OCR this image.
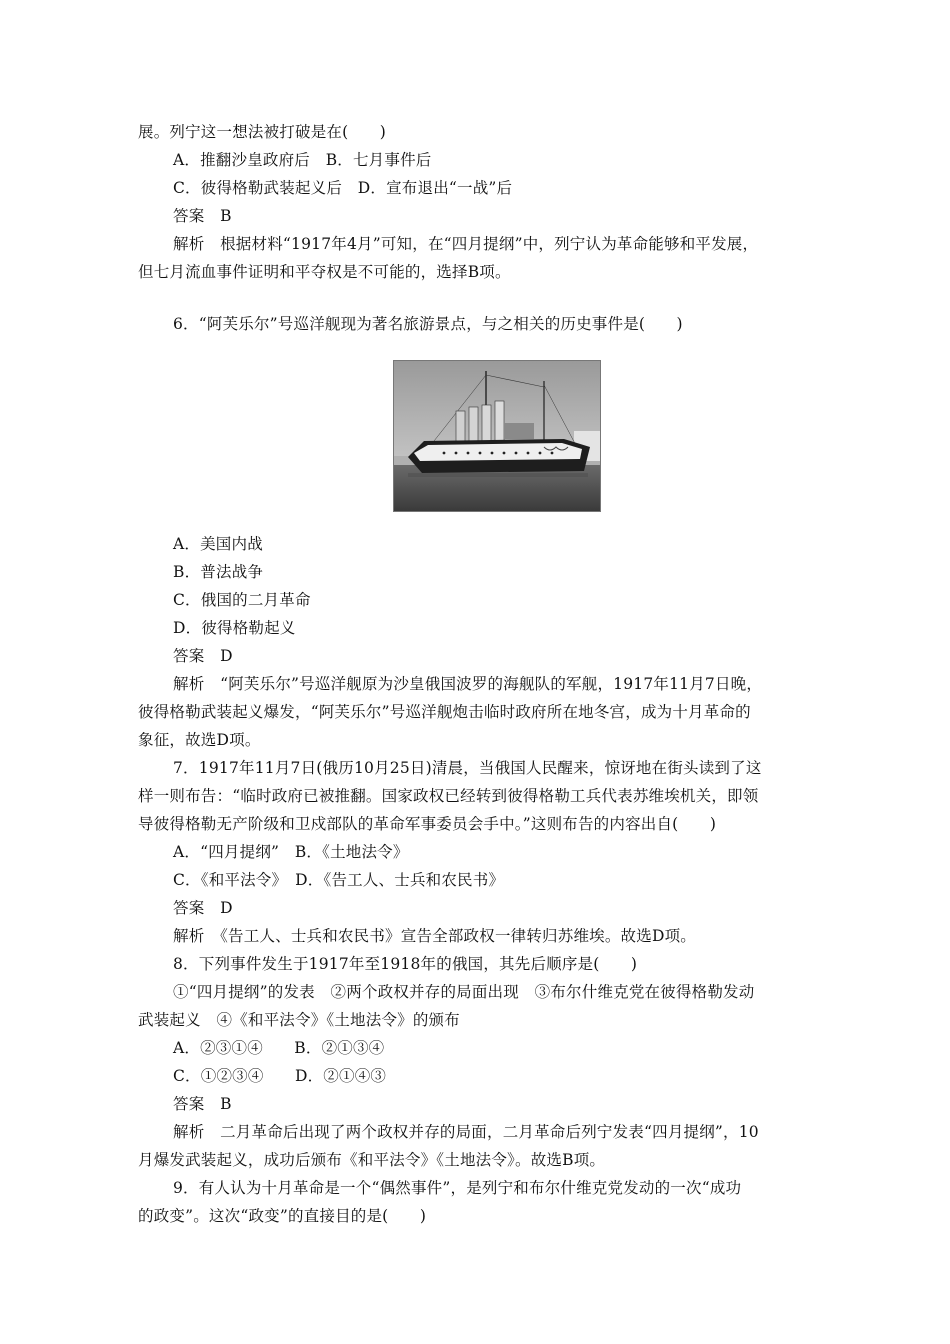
展。列宁这一想法被打破是在(　　)
A．推翻沙皇政府后　B．七月事件后
C．彼得格勒武装起义后　D．宣布退出“一战”后
答案　B
解析　根据材料“1917年4月”可知，在“四月提纲”中，列宁认为革命能够和平发展，
但七月流血事件证明和平夺权是不可能的，选择B项。
6．“阿芙乐尔”号巡洋舰现为著名旅游景点，与之相关的历史事件是(　　)
A．美国内战
B．普法战争
C．俄国的二月革命
D．彼得格勒起义
答案　D
解析　“阿芙乐尔”号巡洋舰原为沙皇俄国波罗的海舰队的军舰，1917年11月7日晚，
彼得格勒武装起义爆发，“阿芙乐尔”号巡洋舰炮击临时政府所在地冬宫，成为十月革命的
象征，故选D项。
7．1917年11月7日(俄历10月25日)清晨，当俄国人民醒来，惊讶地在街头读到了这
样一则布告：“临时政府已被推翻。国家政权已经转到彼得格勒工兵代表苏维埃机关，即领
导彼得格勒无产阶级和卫戍部队的革命军事委员会手中。”这则布告的内容出自(　　)
A．“四月提纲”　B．《土地法令》
C．《和平法令》　D．《告工人、士兵和农民书》
答案　D
解析　《告工人、士兵和农民书》宣告全部政权一律转归苏维埃。故选D项。
8．下列事件发生于1917年至1918年的俄国，其先后顺序是(　　)
①“四月提纲”的发表　②两个政权并存的局面出现　③布尔什维克党在彼得格勒发动
武装起义　④《和平法令》《土地法令》的颁布
A．②③①④　　B．②①③④
C．①②③④　　D．②①④③
答案　B
解析　二月革命后出现了两个政权并存的局面，二月革命后列宁发表“四月提纲”，10
月爆发武装起义，成功后颁布《和平法令》《土地法令》。故选B项。
9．有人认为十月革命是一个“偶然事件”，是列宁和布尔什维克党发动的一次“成功
的政变”。这次“政变”的直接目的是(　　)
